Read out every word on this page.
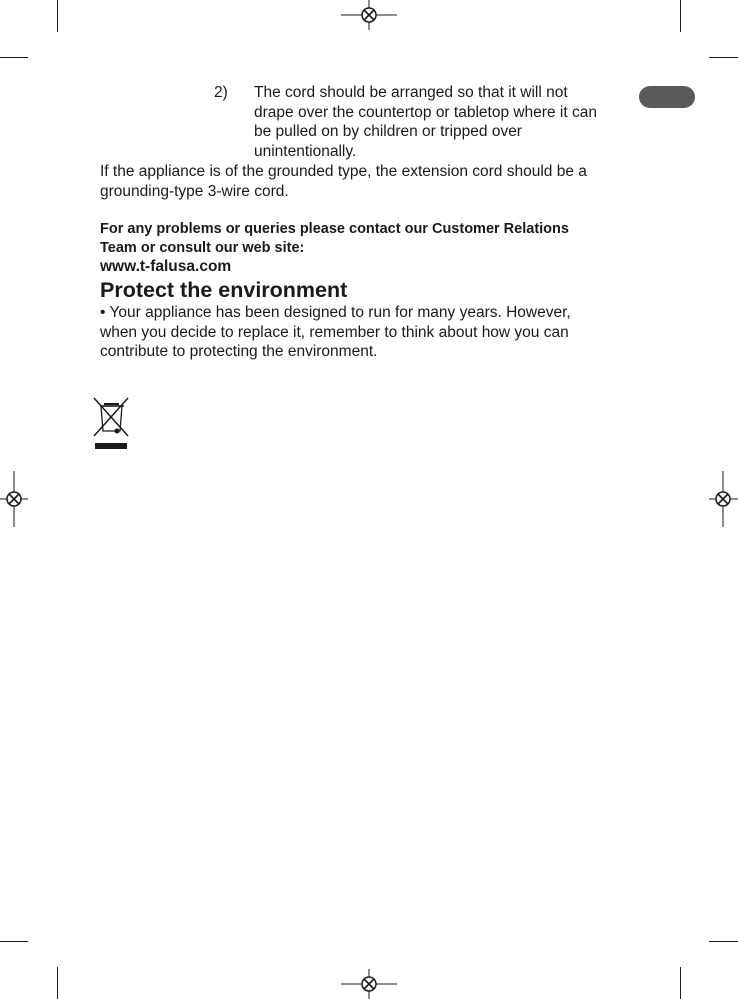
2) The cord should be arranged so that it will not
drape over the countertop or tabletop where it can
be pulled on by children or tripped over
unintentionally.
If the appliance is of the grounded type, the extension cord should be a
grounding-type 3-wire cord.
For any problems or queries please contact our Customer Relations
Team or consult our web site:
www.t-falusa.com
Protect the environment
• Your appliance has been designed to run for many years. However,
when you decide to replace it, remember to think about how you can
contribute to protecting the environment.
